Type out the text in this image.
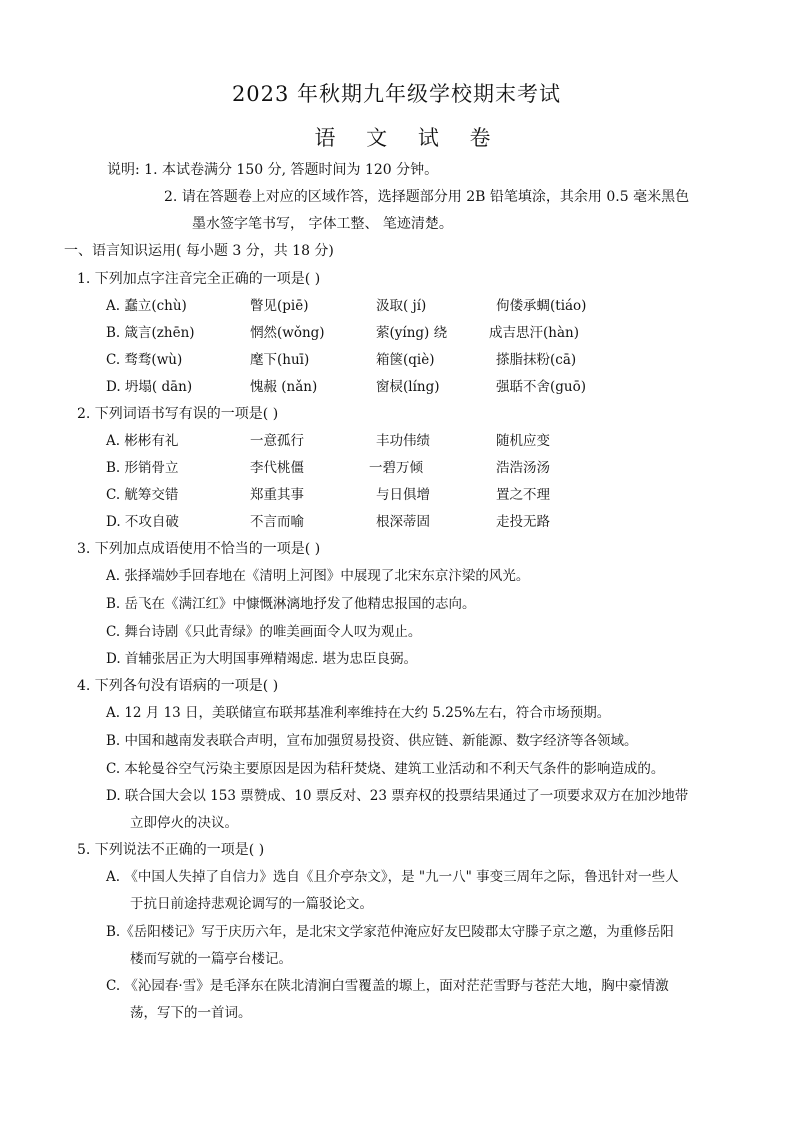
2023 年秋期九年级学校期末考试
语 文 试 卷
说明: 1. 本试卷满分 150 分, 答题时间为 120 分钟。
2. 请在答题卷上对应的区域作答，选择题部分用 2B 铅笔填涂，其余用 0.5 毫米黑色
墨水签字笔书写， 字体工整、 笔迹清楚。
一、语言知识运用( 每小题 3 分，共 18 分)
1. 下列加点字注音完全正确的一项是( )
A. 蠢立(chù)	瞥见(piē)	汲取( jí)	佝偻承蜩(tiáo)
B. 箴言(zhēn)	惘然(wǒng)	萦(yíng) 绕	成吉思汗(hàn)
C. 骛骛(wù)	麾下(huī)	箱箧(qiè)	搽脂抹粉(cā)
D. 坍塌( dān)	愧赧 (nǎn)	窗棂(líng)	强聒不舍(guō)
2. 下列词语书写有误的一项是( )
A. 彬彬有礼	一意孤行	丰功伟绩	随机应变
B. 形销骨立	李代桃僵	一碧万倾	浩浩汤汤
C. 觥筹交错	郑重其事	与日俱增	置之不理
D. 不攻自破	不言而喻	根深蒂固	走投无路
3. 下列加点成语使用不恰当的一项是( )
A. 张择端妙手回春地在《清明上河图》中展现了北宋东京汴梁的风光。
B. 岳飞在《满江红》中慷慨淋漓地抒发了他精忠报国的志向。
C. 舞台诗剧《只此青绿》的唯美画面令人叹为观止。
D. 首辅张居正为大明国事殚精竭虑. 堪为忠臣良弼。
4. 下列各句没有语病的一项是( )
A. 12 月 13 日，美联储宣布联邦基准利率维持在大约 5.25%左右，符合市场预期。
B. 中国和越南发表联合声明，宣布加强贸易投资、供应链、新能源、数字经济等各领域。
C. 本轮曼谷空气污染主要原因是因为秸秆焚烧、建筑工业活动和不利天气条件的影响造成的。
D. 联合国大会以 153 票赞成、10 票反对、23 票弃权的投票结果通过了一项要求双方在加沙地带
立即停火的决议。
5. 下列说法不正确的一项是( )
A. 《中国人失掉了自信力》选自《且介亭杂文》，是 "九一八" 事变三周年之际，鲁迅针对一些人
于抗日前途持悲观论调写的一篇驳论文。
B.《岳阳楼记》写于庆历六年，是北宋文学家范仲淹应好友巴陵郡太守滕子京之邀，为重修岳阳
楼而写就的一篇亭台楼记。
C. 《沁园春·雪》是毛泽东在陕北清涧白雪覆盖的塬上，面对茫茫雪野与苍茫大地，胸中豪情激
荡，写下的一首词。
